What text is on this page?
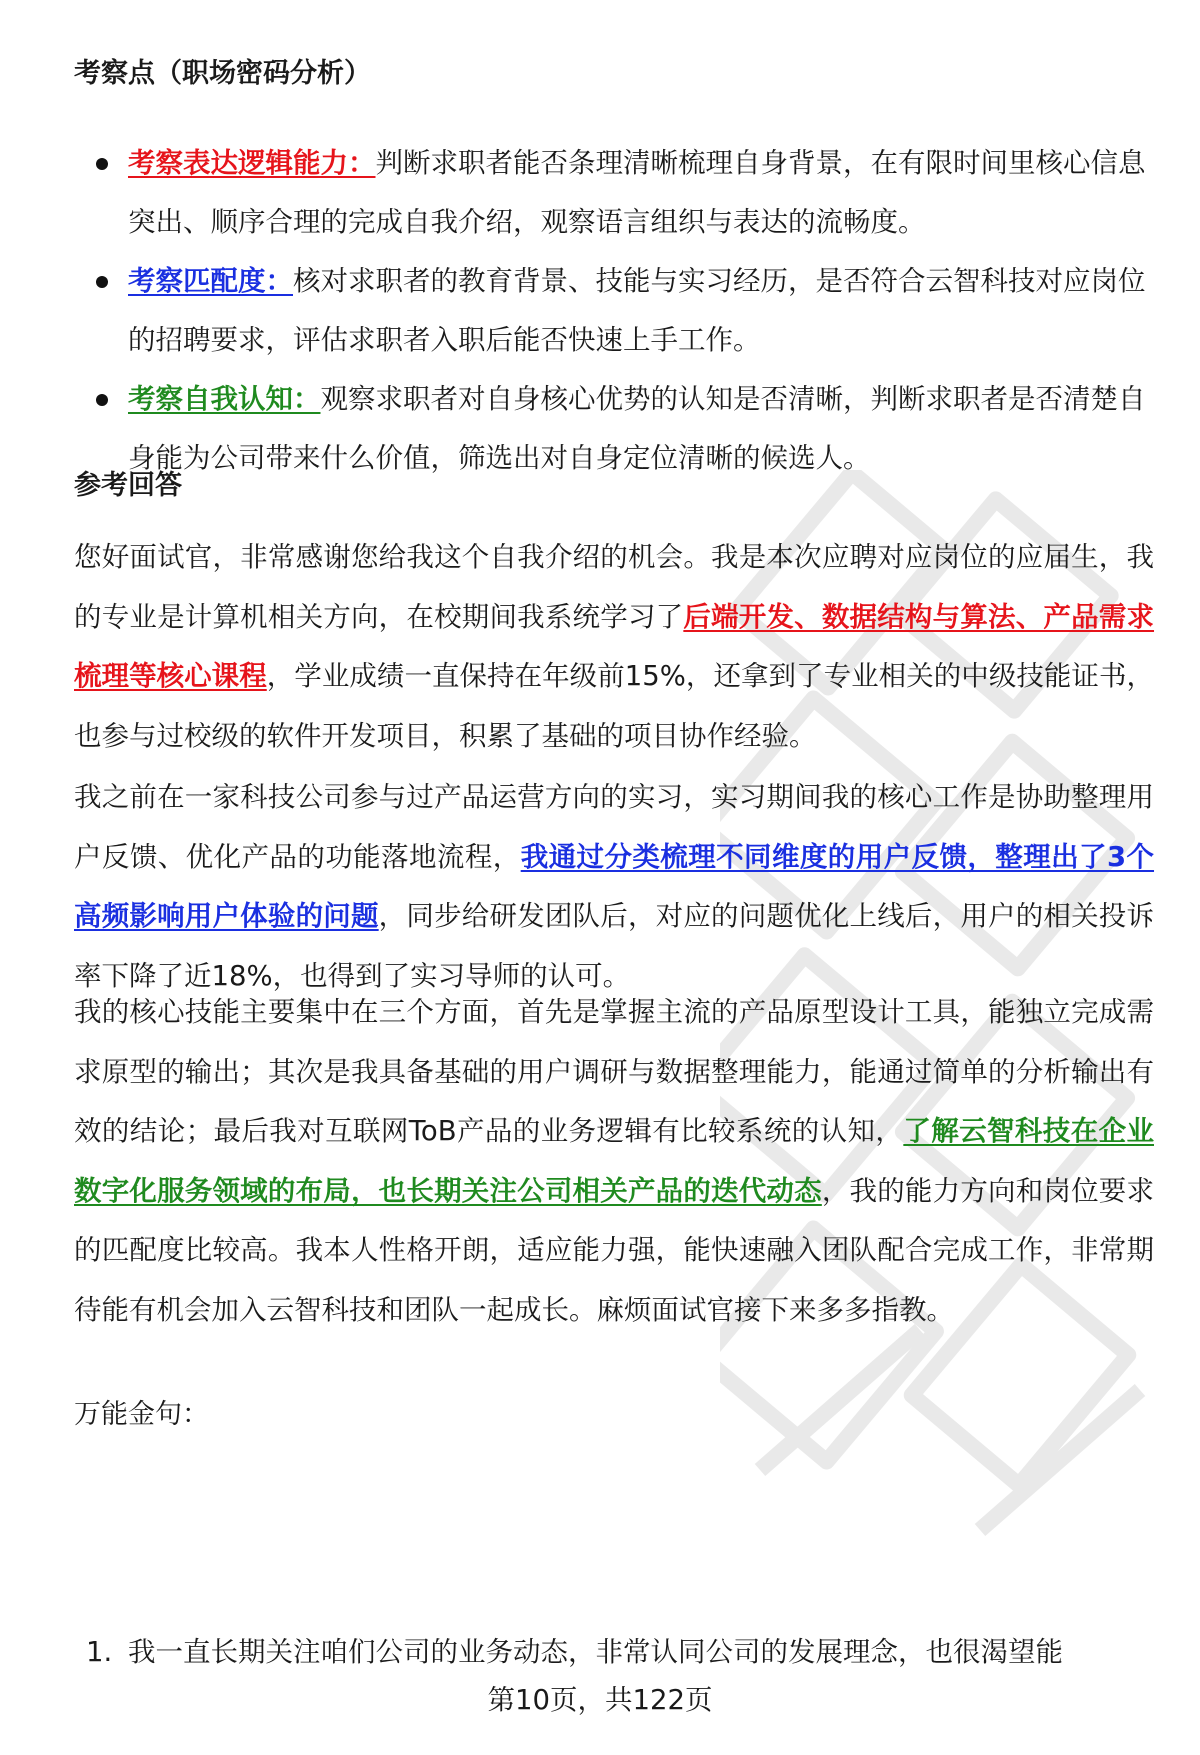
考察点（职场密码分析）
考察表达逻辑能力：判断求职者能否条理清晰梳理自身背景，在有限时间里核心信息突出、顺序合理的完成自我介绍，观察语言组织与表达的流畅度。
考察匹配度：核对求职者的教育背景、技能与实习经历，是否符合云智科技对应岗位的招聘要求，评估求职者入职后能否快速上手工作。
考察自我认知：观察求职者对自身核心优势的认知是否清晰，判断求职者是否清楚自身能为公司带来什么价值，筛选出对自身定位清晰的候选人。
参考回答

您好面试官，非常感谢您给我这个自我介绍的机会。我是本次应聘对应岗位的应届生，我的专业是计算机相关方向，在校期间我系统学习了后端开发、数据结构与算法、产品需求梳理等核心课程，学业成绩一直保持在年级前15%，还拿到了专业相关的中级技能证书，也参与过校级的软件开发项目，积累了基础的项目协作经验。

我之前在一家科技公司参与过产品运营方向的实习，实习期间我的核心工作是协助整理用户反馈、优化产品的功能落地流程，我通过分类梳理不同维度的用户反馈，整理出了3个高频影响用户体验的问题，同步给研发团队后，对应的问题优化上线后，用户的相关投诉率下降了近18%，也得到了实习导师的认可。

我的核心技能主要集中在三个方面，首先是掌握主流的产品原型设计工具，能独立完成需求原型的输出；其次是我具备基础的用户调研与数据整理能力，能通过简单的分析输出有效的结论；最后我对互联网ToB产品的业务逻辑有比较系统的认知，了解云智科技在企业数字化服务领域的布局，也长期关注公司相关产品的迭代动态，我的能力方向和岗位要求的匹配度比较高。我本人性格开朗，适应能力强，能快速融入团队配合完成工作，非常期待能有机会加入云智科技和团队一起成长。麻烦面试官接下来多多指教。

万能金句：
1. 我一直长期关注咱们公司的业务动态，非常认同公司的发展理念，也很渴望能
第10页，共122页
